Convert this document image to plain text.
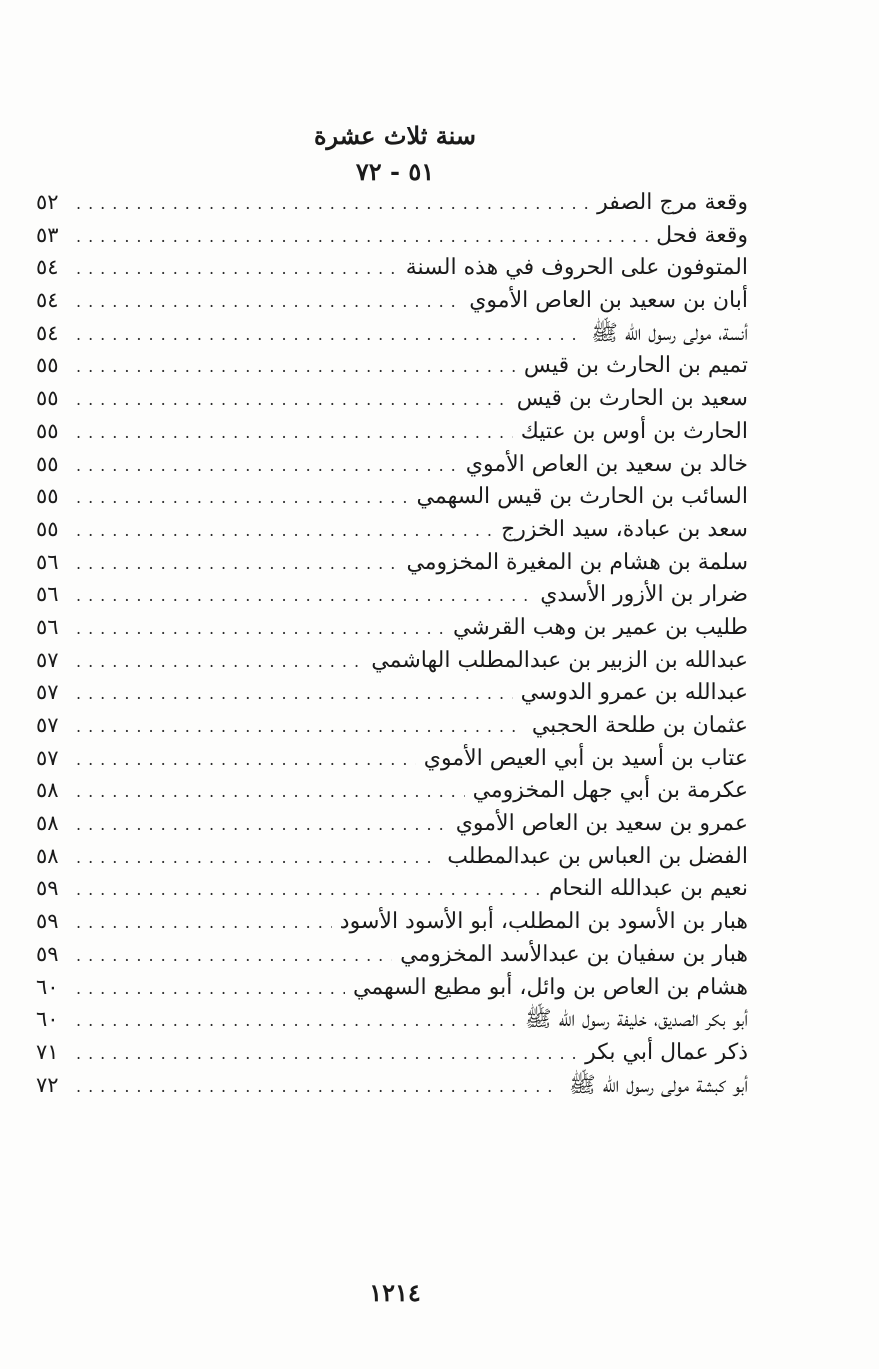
سنة ثلاث عشرة
٥١ - ٧٢
وقعة مرج الصفر
.....
٥٢
وقعة فحل
.....
٥٣
المتوفون على الحروف في هذه السنة
.....
٥٤
أبان بن سعيد بن العاص الأموي
.....
٥٤
أنسة، مولى رسول الله ﷺ
.....
٥٤
تميم بن الحارث بن قيس
.....
٥٥
سعيد بن الحارث بن قيس
.....
٥٥
الحارث بن أوس بن عتيك
.....
٥٥
خالد بن سعيد بن العاص الأموي
.....
٥٥
السائب بن الحارث بن قيس السهمي
.....
٥٥
سعد بن عبادة، سيد الخزرج
.....
٥٥
سلمة بن هشام بن المغيرة المخزومي
.....
٥٦
ضرار بن الأزور الأسدي
.....
٥٦
طليب بن عمير بن وهب القرشي
.....
٥٦
عبدالله بن الزبير بن عبدالمطلب الهاشمي
.....
٥٧
عبدالله بن عمرو الدوسي
.....
٥٧
عثمان بن طلحة الحجبي
.....
٥٧
عتاب بن أسيد بن أبي العيص الأموي
.....
٥٧
عكرمة بن أبي جهل المخزومي
.....
٥٨
عمرو بن سعيد بن العاص الأموي
.....
٥٨
الفضل بن العباس بن عبدالمطلب
.....
٥٨
نعيم بن عبدالله النحام
.....
٥٩
هبار بن الأسود بن المطلب، أبو الأسود الأسود
.....
٥٩
هبار بن سفيان بن عبدالأسد المخزومي
.....
٥٩
هشام بن العاص بن وائل، أبو مطيع السهمي
.....
٦٠
أبو بكر الصديق، خليفة رسول الله ﷺ
.....
٦٠
ذكر عمال أبي بكر
.....
٧١
أبو كبشة مولى رسول الله ﷺ
.....
٧٢
١٢١٤
